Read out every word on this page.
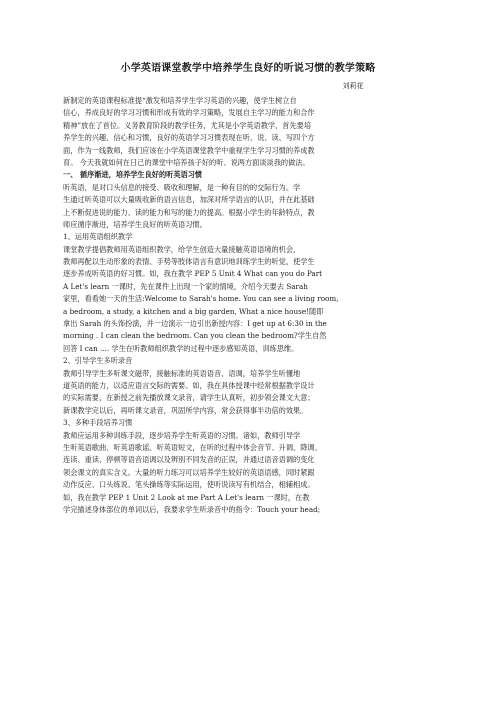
小学英语课堂教学中培养学生良好的听说习惯的教学策略
刘莉花
新制定的英语课程标准提“激发和培养学生学习英语的兴趣，使学生树立自
信心，养成良好的学习习惯和形成有效的学习策略，发展自主学习的能力和合作
精神”放在了首位。义务教育阶段的教学任务，尤其是小学英语教学，首先要培
养学生的兴趣、信心和习惯，良好的英语学习习惯表现在听、说、读、写四个方
面，作为一线教师，我们应该在小学英语课堂教学中重视学生学习习惯的养成教
育。 今天我就如何在日己的课堂中培养孩子好的听、说两方面谈谈我的做法。
一、 循序渐进，培养学生良好的听英语习惯
听英语，是对口头信息的接受、吸收和理解，是一种有目的的交际行为。学
生通过听英语可以大量吸收新的语言信息，加深对所学语言的认识，并在此基础
上不断促进说的能力、读的能力和写的能力的提高。根据小学生的年龄特点，教
师应循序渐进，培养学生良好的听英语习惯。
1、运用英语组织教学
课堂教学提倡教师用英语组织教学，给学生创造大量接触英语语境的机会，
教师再配以生动形象的表情、手势等肢体语言有意识地训练学生的听觉，使学生
逐步养成听英语的好习惯。如，我在教学 PEP 5 Unit 4 What can you do Part
A Let's learn 一课时，先在课件上出现一个家的情境，介绍今天要去 Sarah
家里，看看她一天的生活:Welcome to Sarah's home. You can see a living room,
a bedroom, a study, a kitchen and a big garden, What a nice house!随即
拿出 Sarah 的头饰扮演，并一边演示一边引出新授内容：I get up at 6:30 in the
morning . I can clean the bedroom. Can you clean the bedroom?学生自然
回答 I can .... 学生在听教师组织教学的过程中逐步感知英语，训练思维。
2、引导学生多听录音
教师引导学生多听课文磁带，接触标准的英语语音、语调，培养学生听懂地
道英语的能力，以适应语言交际的需要。如，我在具体授课中经常根据教学设计
的实际需要，在新授之前先播放课文录音，请学生认真听，初步领会课文大意；
新课教学完以后，再听课文录音，巩固所学内容，常会获得事半功倍的效果。
3、多种手段培养习惯
教师应运用多种训练手段，逐步培养学生听英语的习惯。诸如，教师引导学
生听英语歌曲、听英语歌谣、听英语短文，在听的过程中体会音节、升调、降调、
连读、重读、停顿等语音语调以及辨别不同发音的正误，并通过语音语调的变化
领会课文的真实含义。大量的听力练习可以培养学生较好的英语语感，同时紧跟
动作反应、口头练说、笔头操练等实际运用，使听说读写有机结合，相辅相成。
如，我在教学 PEP 1 Unit 2 Look at me Part A Let's learn 一课时，在教
学完描述身体部位的单词以后，我要求学生听录音中的指令：Touch your head;
